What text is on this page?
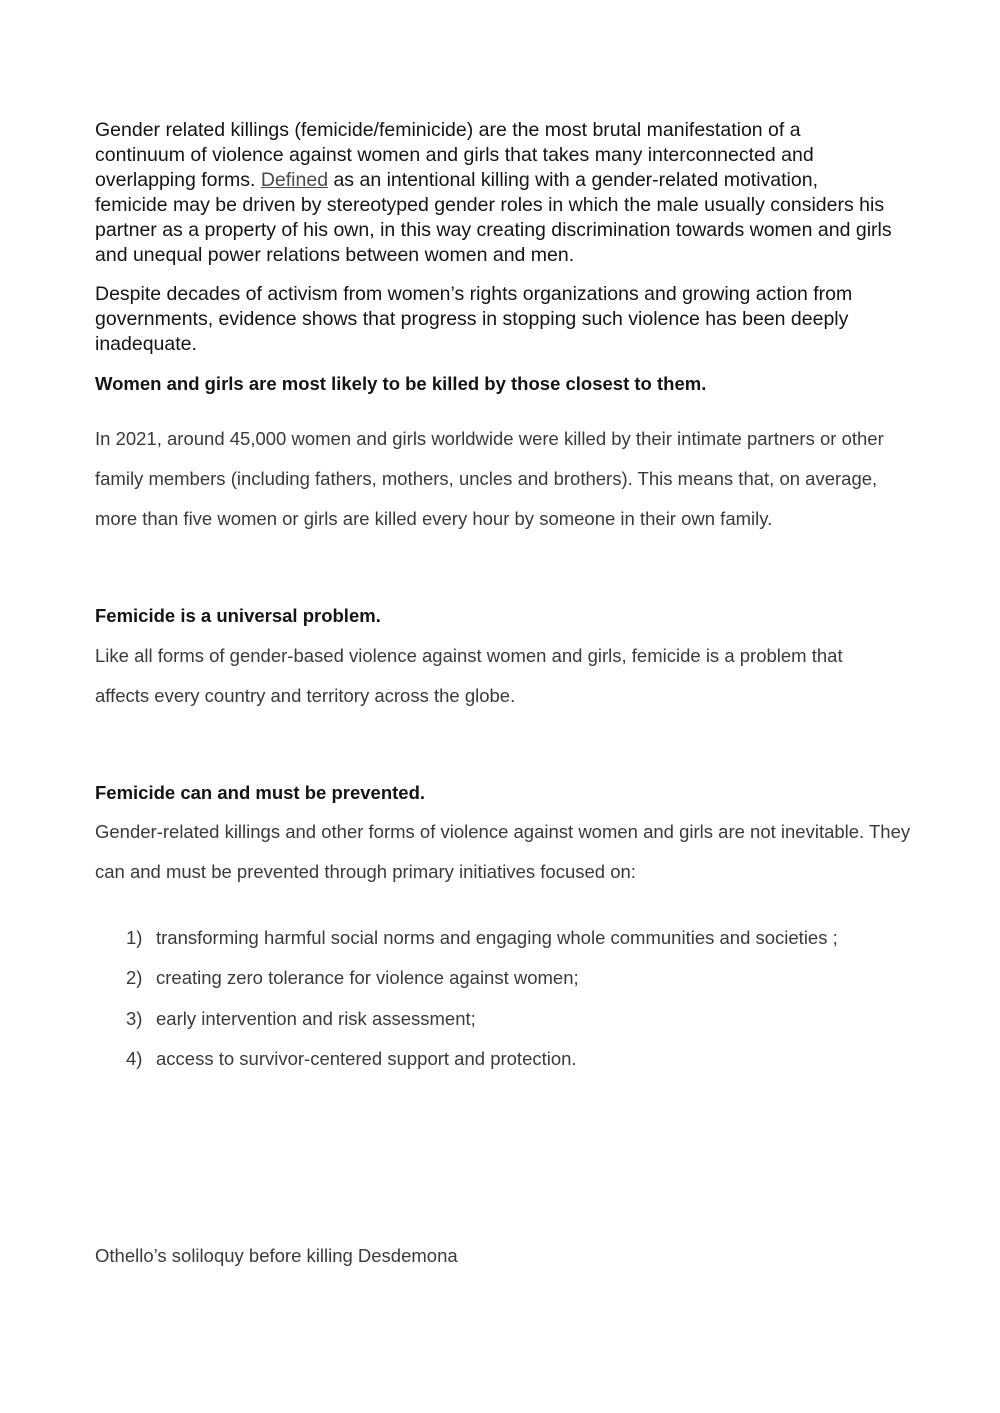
Gender related killings (femicide/feminicide) are the most brutal manifestation of a continuum of violence against women and girls that takes many interconnected and overlapping forms. Defined as an intentional killing with a gender-related motivation, femicide may be driven by stereotyped gender roles in which the male usually considers his partner as a property of his own, in this way creating discrimination towards women and girls and unequal power relations between women and men.

Despite decades of activism from women’s rights organizations and growing action from governments, evidence shows that progress in stopping such violence has been deeply inadequate.

Women and girls are most likely to be killed by those closest to them.

In 2021, around 45,000 women and girls worldwide were killed by their intimate partners or other family members (including fathers, mothers, uncles and brothers). This means that, on average, more than five women or girls are killed every hour by someone in their own family.

Femicide is a universal problem.

Like all forms of gender-based violence against women and girls, femicide is a problem that affects every country and territory across the globe.

Femicide can and must be prevented.

Gender-related killings and other forms of violence against women and girls are not inevitable. They can and must be prevented through primary initiatives focused on:

1) transforming harmful social norms and engaging whole communities and societies ;
2) creating zero tolerance for violence against women;
3) early intervention and risk assessment;
4) access to survivor-centered support and protection.

Othello’s soliloquy before killing Desdemona
